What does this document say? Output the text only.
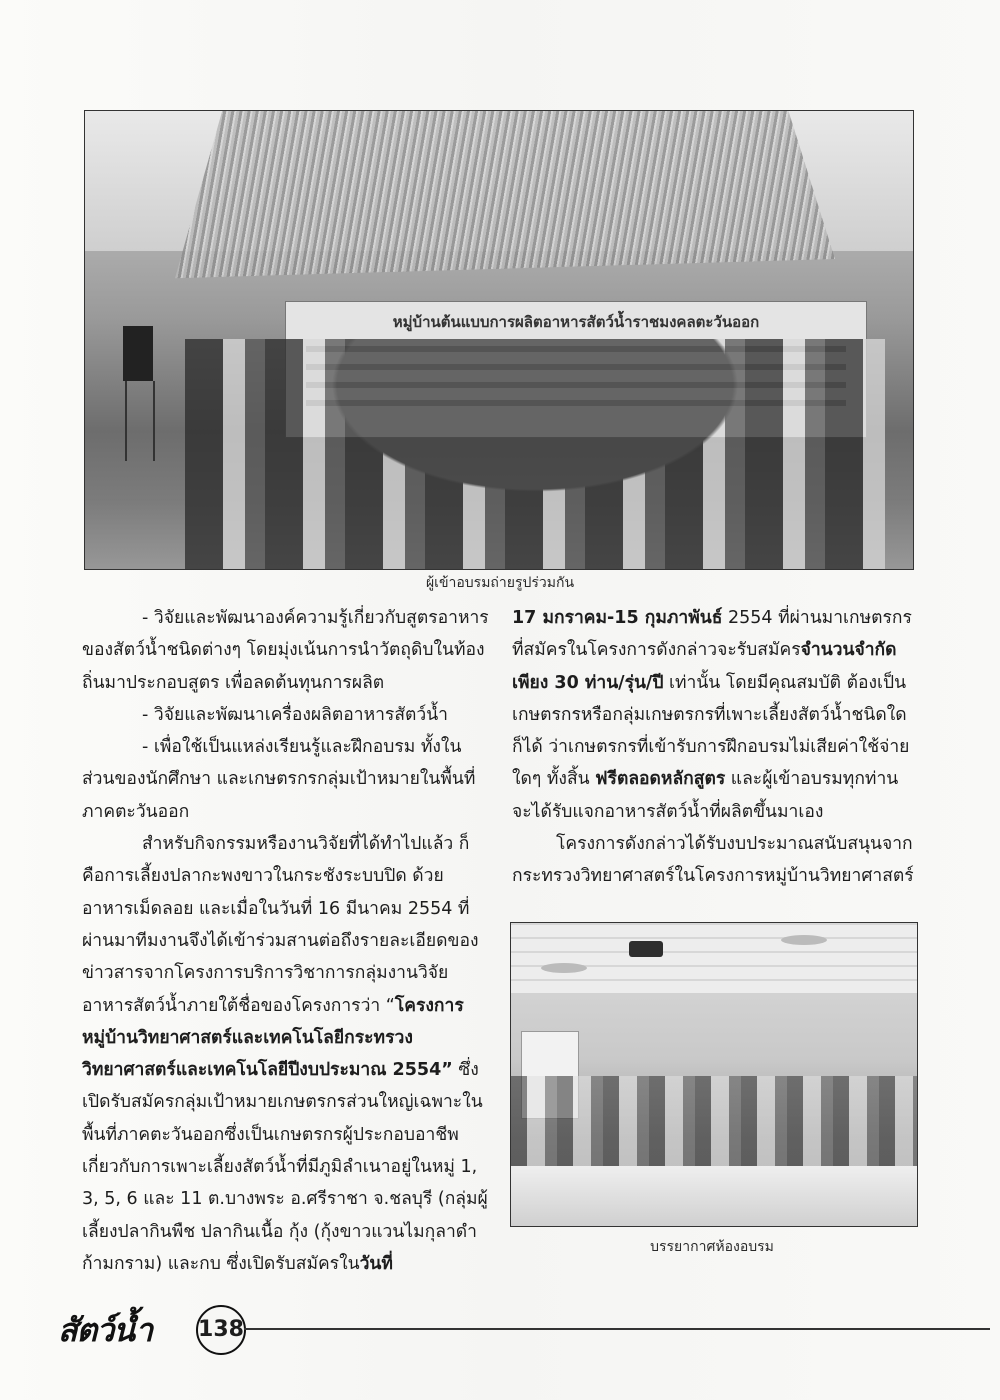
หมู่บ้านต้นแบบการผลิตอาหารสัตว์น้ำราชมงคลตะวันออก
ผู้เข้าอบรมถ่ายรูปร่วมกัน

- วิจัยและพัฒนาองค์ความรู้เกี่ยวกับสูตรอาหารของสัตว์น้ำชนิดต่างๆ โดยมุ่งเน้นการนำวัตถุดิบในท้องถิ่นมาประกอบสูตร เพื่อลดต้นทุนการผลิต

- วิจัยและพัฒนาเครื่องผลิตอาหารสัตว์น้ำ

- เพื่อใช้เป็นแหล่งเรียนรู้และฝึกอบรม ทั้งในส่วนของนักศึกษา และเกษตรกรกลุ่มเป้าหมายในพื้นที่ภาคตะวันออก

สำหรับกิจกรรมหรืองานวิจัยที่ได้ทำไปแล้ว ก็คือการเลี้ยงปลากะพงขาวในกระชังระบบปิด ด้วยอาหารเม็ดลอย และเมื่อในวันที่ 16 มีนาคม 2554 ที่ผ่านมาทีมงานจึงได้เข้าร่วมสานต่อถึงรายละเอียดของข่าวสารจากโครงการบริการวิชาการกลุ่มงานวิจัยอาหารสัตว์น้ำภายใต้ชื่อของโครงการว่า “โครงการหมู่บ้านวิทยาศาสตร์และเทคโนโลยีกระทรวงวิทยาศาสตร์และเทคโนโลยีปีงบประมาณ 2554” ซึ่งเปิดรับสมัครกลุ่มเป้าหมายเกษตรกรส่วนใหญ่เฉพาะในพื้นที่ภาคตะวันออกซึ่งเป็นเกษตรกรผู้ประกอบอาชีพเกี่ยวกับการเพาะเลี้ยงสัตว์น้ำที่มีภูมิลำเนาอยู่ในหมู่ 1, 3, 5, 6 และ 11 ต.บางพระ อ.ศรีราชา จ.ชลบุรี (กลุ่มผู้เลี้ยงปลากินพืช ปลากินเนื้อ กุ้ง (กุ้งขาวแวนไมกุลาดำ ก้ามกราม) และกบ ซึ่งเปิดรับสมัครในวันที่

17 มกราคม-15 กุมภาพันธ์ 2554 ที่ผ่านมาเกษตรกรที่สมัครในโครงการดังกล่าวจะรับสมัครจำนวนจำกัดเพียง 30 ท่าน/รุ่น/ปี เท่านั้น โดยมีคุณสมบัติ ต้องเป็นเกษตรกรหรือกลุ่มเกษตรกรที่เพาะเลี้ยงสัตว์น้ำชนิดใดก็ได้ ว่าเกษตรกรที่เข้ารับการฝึกอบรมไม่เสียค่าใช้จ่ายใดๆ ทั้งสิ้น ฟรีตลอดหลักสูตร และผู้เข้าอบรมทุกท่านจะได้รับแจกอาหารสัตว์น้ำที่ผลิตขึ้นมาเอง

โครงการดังกล่าวได้รับงบประมาณสนับสนุนจากกระทรวงวิทยาศาสตร์ในโครงการหมู่บ้านวิทยาศาสตร์

บรรยากาศห้องอบรม
สัตว์น้ำ 138
